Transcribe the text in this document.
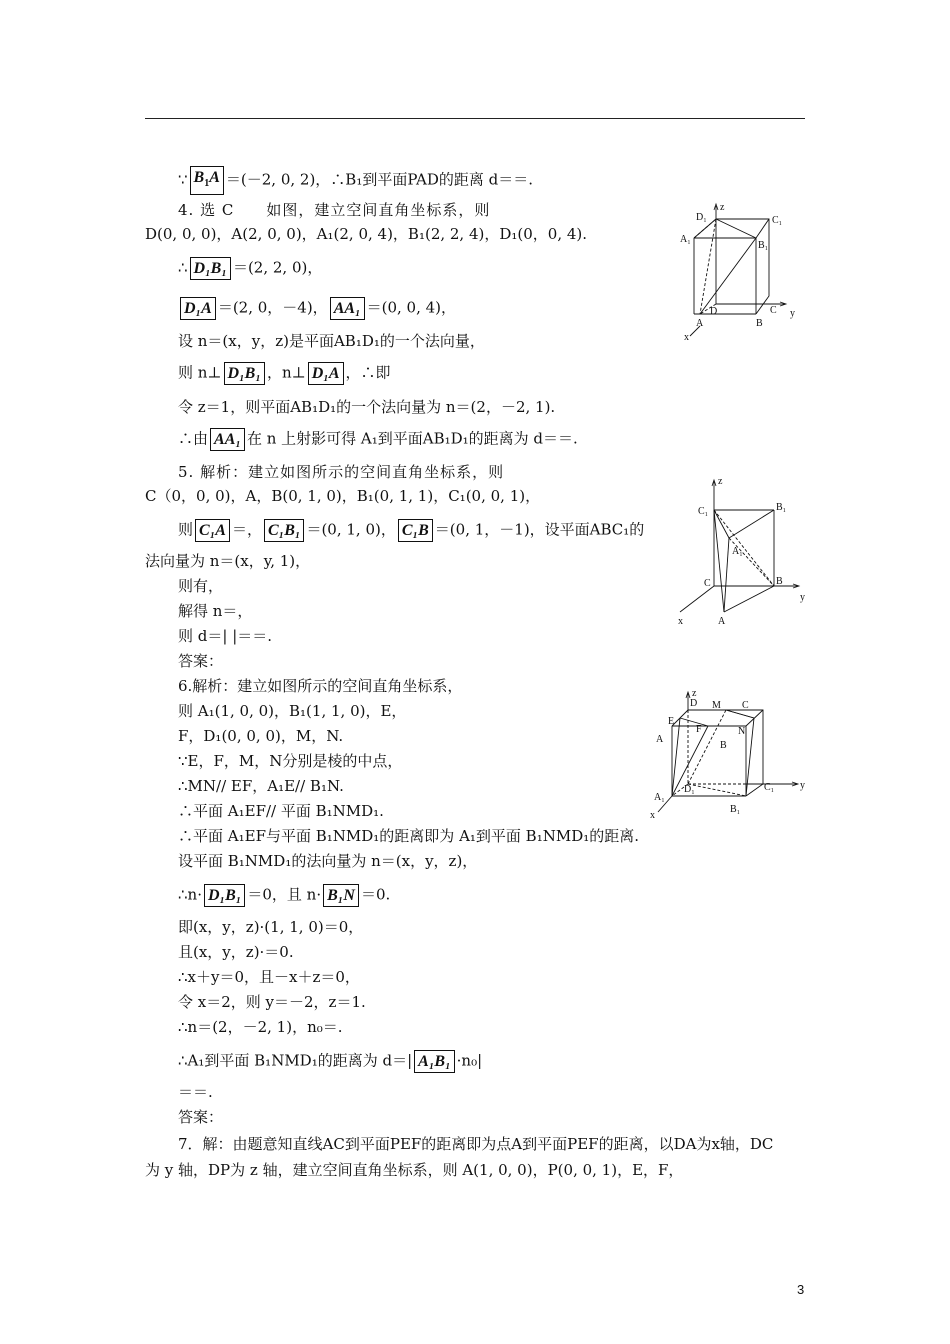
∵ $B_1A =(-2$, 0, 2)，∴B₁到平面PAD的距离 d＝＝.
4. 选 C　　如图，建立空间直角坐标系，则
D(0, 0, 0)，A(2, 0, 0)，A₁(2, 0, 4)，B₁(2, 2, 4)，D₁(0，0, 4).
∴ D₁B₁ ＝(2, 2, 0)，
D₁A ＝(2, 0，－4)， AA₁ ＝(0, 0, 4)，
设 n＝(x，y，z)是平面AB₁D₁的一个法向量，
则 n⊥ D₁B₁ ，n⊥ D₁A ，∴即
令 z＝1，则平面AB₁D₁的一个法向量为 n＝(2，－2, 1).
∴由 AA₁ 在 n 上射影可得 A₁到平面AB₁D₁的距离为 d＝＝.
5. 解析：建立如图所示的空间直角坐标系，则
C（0，0, 0)，A，B(0, 1, 0)，B₁(0, 1, 1)，C₁(0, 0, 1)，
则 C₁A ＝， C₁B₁ ＝(0, 1, 0)， C₁B ＝(0, 1，－1)，设平面ABC₁的
法向量为 n＝(x，y, 1)，
则有，
解得 n＝，
则 d＝| |＝＝.
答案：
6.解析：建立如图所示的空间直角坐标系，
则 A₁(1, 0, 0)，B₁(1, 1, 0)，E，
F，D₁(0, 0, 0)，M，N.
∵E，F，M，N分别是棱的中点，
∴MN// EF，A₁E// B₁N.
∴平面 A₁EF// 平面 B₁NMD₁.
∴平面 A₁EF与平面 B₁NMD₁的距离即为 A₁到平面 B₁NMD₁的距离.
设平面 B₁NMD₁的法向量为 n＝(x，y，z)，
∴n· D₁B₁ ＝0，且 n· B₁N ＝0.
即(x，y，z)·(1, 1, 0)＝0，
且(x，y，z)·＝0.
∴x＋y＝0，且－x＋z＝0，
令 x＝2，则 y＝－2，z＝1.
∴n＝(2，－2, 1)，n₀＝.
∴A₁到平面 B₁NMD₁的距离为 d＝| A₁B₁ ·n₀|
＝＝.
答案：
7．解：由题意知直线AC到平面PEF的距离即为点A到平面PEF的距离，以DA为x轴，DC
为 y 轴，DP为 z 轴，建立空间直角坐标系，则 A(1, 0, 0)，P(0, 0, 1)，E，F，
z
D₁	C₁
A₁
B₁
D	C y
A	B
x
z
C₁	B₁
A₁
C	B
y
x	A
z
D M C
E
F
A
B
N
A₁
D₁	C₁
B₁
x
y
3
